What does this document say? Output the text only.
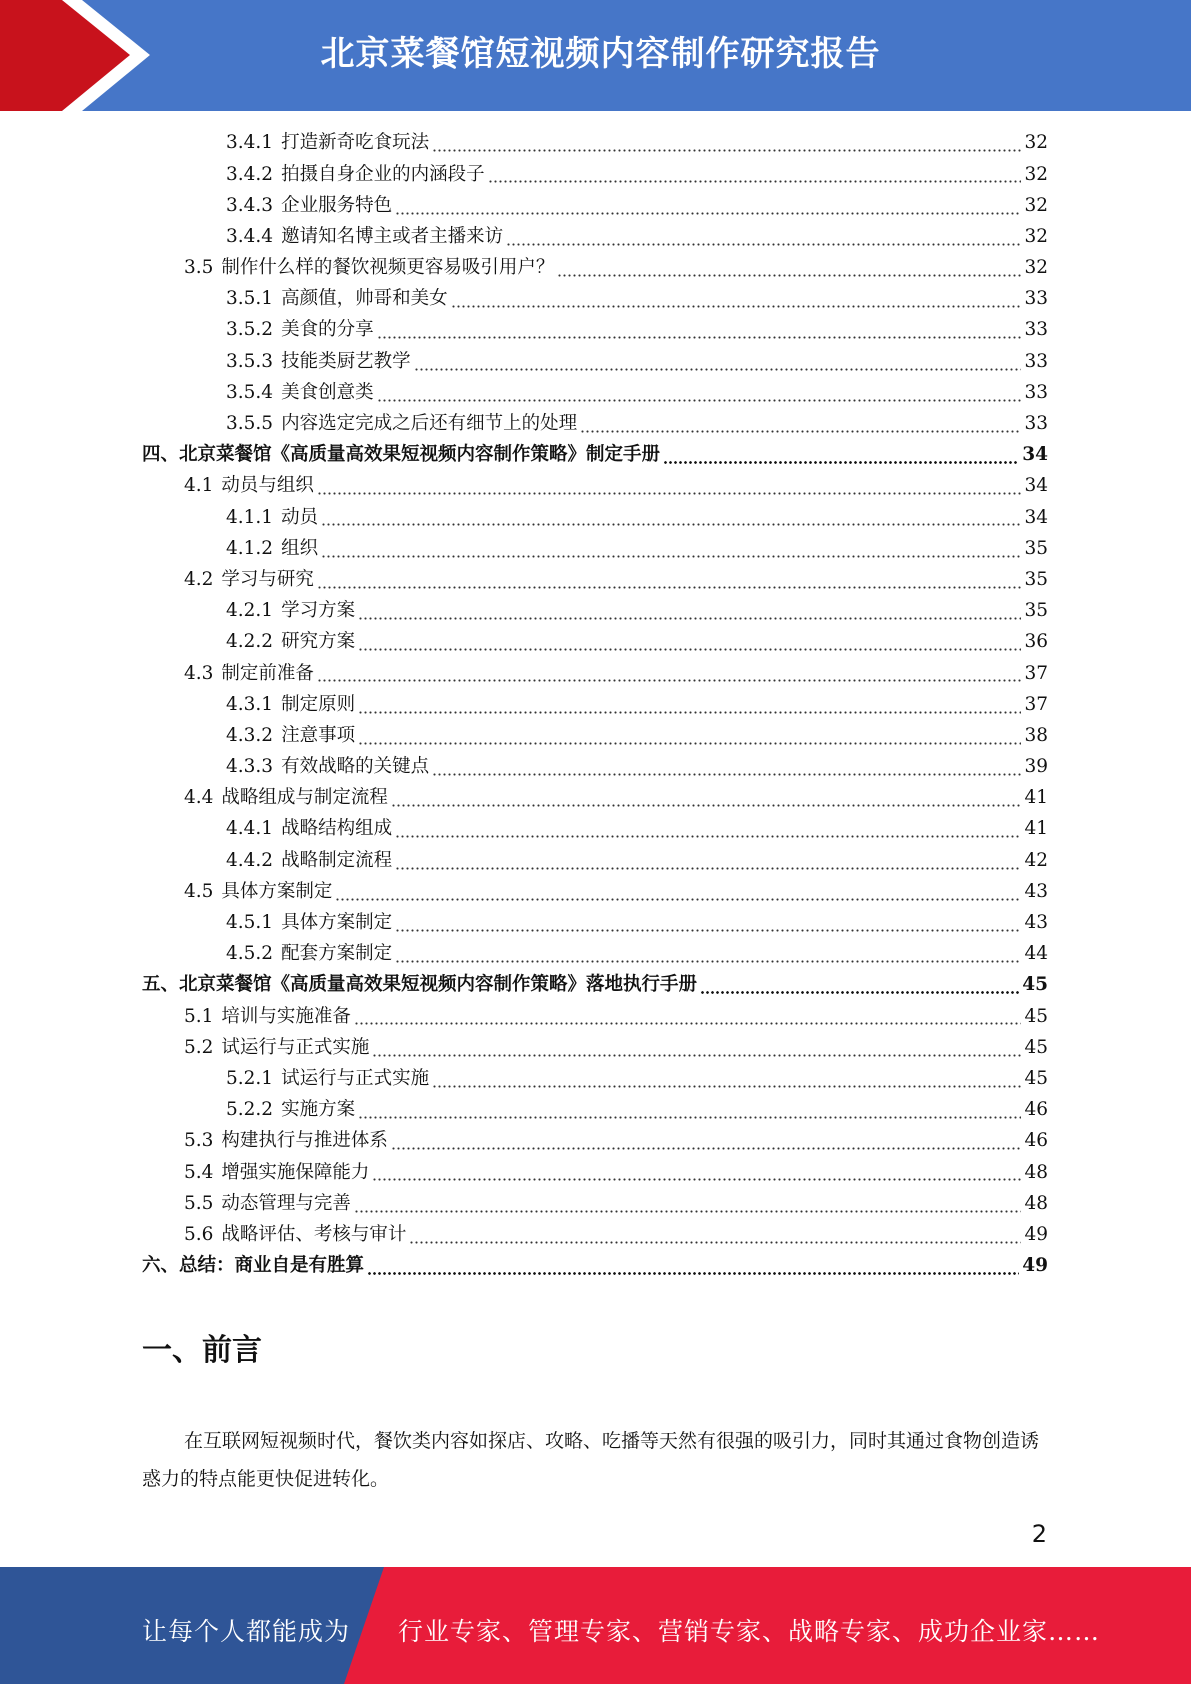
北京菜餐馆短视频内容制作研究报告
3.4.1 打造新奇吃食玩法	32
3.4.2 拍摄自身企业的内涵段子	32
3.4.3 企业服务特色	32
3.4.4 邀请知名博主或者主播来访	32
3.5 制作什么样的餐饮视频更容易吸引用户？	32
3.5.1 高颜值，帅哥和美女	33
3.5.2 美食的分享	33
3.5.3 技能类厨艺教学	33
3.5.4 美食创意类	33
3.5.5 内容选定完成之后还有细节上的处理	33
四、北京菜餐馆《高质量高效果短视频内容制作策略》制定手册	34
4.1 动员与组织	34
4.1.1 动员	34
4.1.2 组织	35
4.2 学习与研究	35
4.2.1 学习方案	35
4.2.2 研究方案	36
4.3 制定前准备	37
4.3.1 制定原则	37
4.3.2 注意事项	38
4.3.3 有效战略的关键点	39
4.4 战略组成与制定流程	41
4.4.1 战略结构组成	41
4.4.2 战略制定流程	42
4.5 具体方案制定	43
4.5.1 具体方案制定	43
4.5.2 配套方案制定	44
五、北京菜餐馆《高质量高效果短视频内容制作策略》落地执行手册	45
5.1 培训与实施准备	45
5.2 试运行与正式实施	45
5.2.1 试运行与正式实施	45
5.2.2 实施方案	46
5.3 构建执行与推进体系	46
5.4 增强实施保障能力	48
5.5 动态管理与完善	48
5.6 战略评估、考核与审计	49
六、总结：商业自是有胜算	49
一、前言
在互联网短视频时代，餐饮类内容如探店、攻略、吃播等天然有很强的吸引力，同时其通过食物创造诱惑力的特点能更快促进转化。
2
让每个人都能成为 行业专家、管理专家、营销专家、战略专家、成功企业家……
